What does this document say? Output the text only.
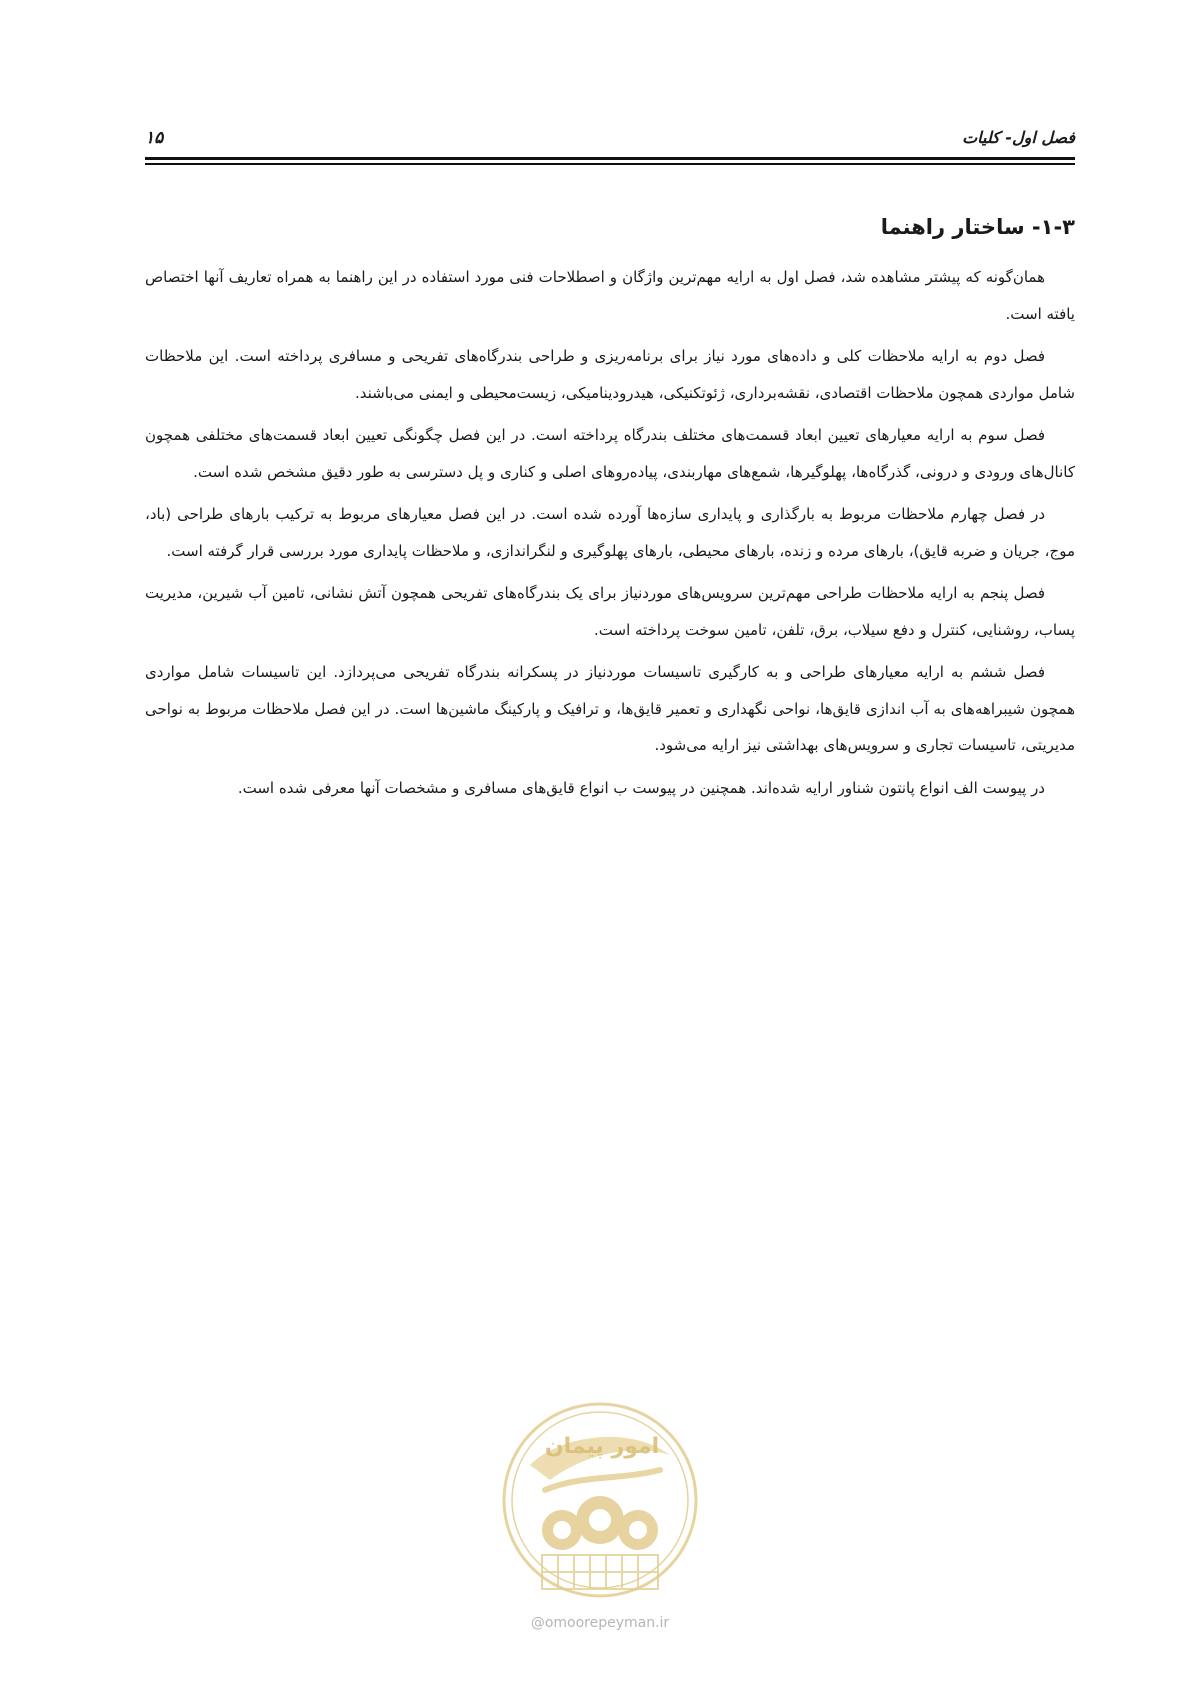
فصل اول- کلیات
۱۵
۱-۳- ساختار راهنما

همان‌گونه که پیشتر مشاهده شد، فصل اول به ارایه مهم‌ترین واژگان و اصطلاحات فنی مورد استفاده در این راهنما به همراه تعاریف آنها اختصاص یافته است.

فصل دوم به ارایه ملاحظات کلی و داده‌های مورد نیاز برای برنامه‌ریزی و طراحی بندرگاه‌های تفریحی و مسافری پرداخته است. این ملاحظات شامل مواردی همچون ملاحظات اقتصادی، نقشه‌برداری، ژئوتکنیکی، هیدرودینامیکی، زیست‌محیطی و ایمنی می‌باشند.

فصل سوم به ارایه معیارهای تعیین ابعاد قسمت‌های مختلف بندرگاه پرداخته است. در این فصل چگونگی تعیین ابعاد قسمت‌های مختلفی همچون کانال‌های ورودی و درونی، گذرگاه‌ها، پهلوگیرها، شمع‌های مهاربندی، پیاده‌روهای اصلی و کناری و پل دسترسی به طور دقیق مشخص شده است.

در فصل چهارم ملاحظات مربوط به بارگذاری و پایداری سازه‌ها آورده شده است. در این فصل معیارهای مربوط به ترکیب بارهای طراحی (باد، موج، جریان و ضربه قایق)، بارهای مرده و زنده، بارهای محیطی، بارهای پهلوگیری و لنگراندازی، و ملاحظات پایداری مورد بررسی قرار گرفته است.

فصل پنجم به ارایه ملاحظات طراحی مهم‌ترین سرویس‌های موردنیاز برای یک بندرگاه‌های تفریحی همچون آتش نشانی، تامین آب شیرین، مدیریت پساب، روشنایی، کنترل و دفع سیلاب، برق، تلفن، تامین سوخت پرداخته است.

فصل ششم به ارایه معیارهای طراحی و به کارگیری تاسیسات موردنیاز در پسکرانه بندرگاه تفریحی می‌پردازد. این تاسیسات شامل مواردی همچون شیبراهه‌های به آب اندازی قایق‌ها، نواحی نگهداری و تعمیر قایق‌ها، و ترافیک و پارکینگ ماشین‌ها است. در این فصل ملاحظات مربوط به نواحی مدیریتی، تاسیسات تجاری و سرویس‌های بهداشتی نیز ارایه می‌شود.

در پیوست الف انواع پانتون شناور ارایه شده‌اند. همچنین در پیوست ب انواع قایق‌های مسافری و مشخصات آنها معرفی شده است.

امور پیمان
@omoorepeyman.ir
